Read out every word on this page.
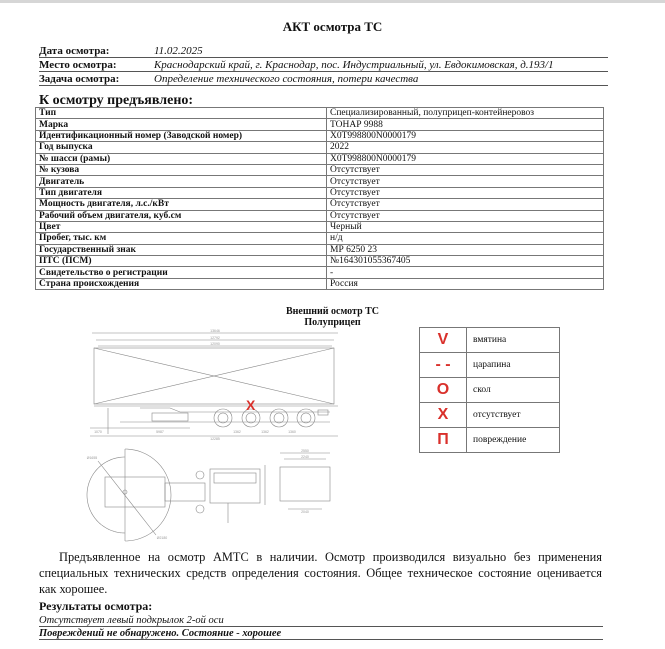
АКТ осмотра ТС
Дата осмотра:	11.02.2025
Место осмотра:	Краснодарский край, г. Краснодар, пос. Индустриальный, ул. Евдокимовская, д.193/1
Задача осмотра:	Определение технического состояния, потери качества
К осмотру предъявлено:
Тип	Специализированный, полуприцеп-контейнеровоз
Марка	ТОНАР 9988
Идентификационный номер (Заводской номер)	X0T998800N0000179
Год выпуска	2022
№ шасси (рамы)	X0T998800N0000179
№ кузова	Отсутствует
Двигатель	Отсутствует
Тип двигателя	Отсутствует
Мощность двигателя, л.с./кВт	Отсутствует
Рабочий объем двигателя, куб.см	Отсутствует
Цвет	Черный
Пробег, тыс. км	н/д
Государственный знак	МР 6250 23
ПТС (ПСМ)	№164301055367405
Свидетельство о регистрации	-
Страна происхождения	Россия
Внешний осмотр ТС
Полуприцеп
13646
12792
12090
12285
1070	5987	1362	1362	1360
X
Ø1655
Ø2180
2550
2240
2040
V	вмятина
- -	царапина
O	скол
X	отсутствует
П	повреждение
Предъявленное на осмотр АМТС в наличии. Осмотр производился визуально без применения специальных технических средств определения состояния. Общее техническое состояние оценивается как хорошее.
Результаты осмотра:
Отсутствует левый подкрылок 2-ой оси
Повреждений не обнаружено. Состояние - хорошее
